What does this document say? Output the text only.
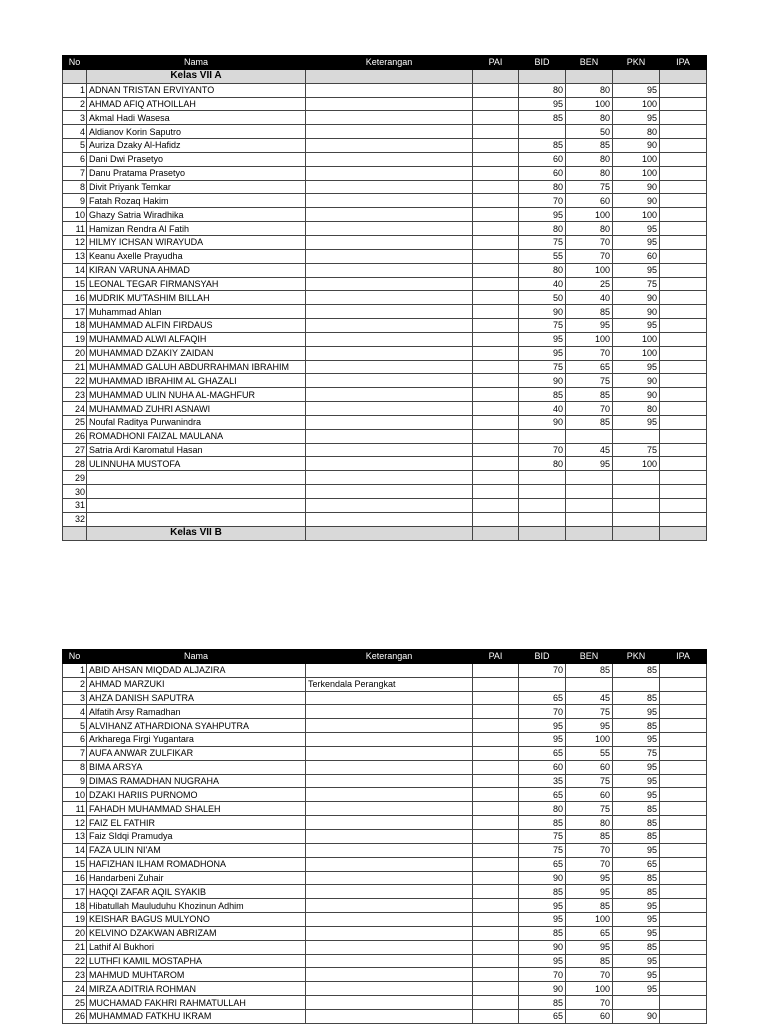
No	Nama	Keterangan	PAI	BID	BEN	PKN	IPA
	Kelas VII A						
1	ADNAN TRISTAN ERVIYANTO			80	80	95	
2	AHMAD AFIQ ATHOILLAH			95	100	100	
3	Akmal Hadi Wasesa			85	80	95	
4	Aldianov Korin Saputro				50	80	
5	Auriza Dzaky Al-Hafidz			85	85	90	
6	Dani Dwi Prasetyo			60	80	100	
7	Danu Pratama Prasetyo			60	80	100	
8	Divit Priyank Temkar			80	75	90	
9	Fatah Rozaq Hakim			70	60	90	
10	Ghazy Satria Wiradhika			95	100	100	
11	Hamizan Rendra Al Fatih			80	80	95	
12	HILMY ICHSAN WIRAYUDA			75	70	95	
13	Keanu Axelle Prayudha			55	70	60	
14	KIRAN VARUNA AHMAD			80	100	95	
15	LEONAL TEGAR FIRMANSYAH			40	25	75	
16	MUDRIK MU'TASHIM BILLAH			50	40	90	
17	Muhammad Ahlan			90	85	90	
18	MUHAMMAD ALFIN FIRDAUS			75	95	95	
19	MUHAMMAD ALWI ALFAQIH			95	100	100	
20	MUHAMMAD DZAKIY ZAIDAN			95	70	100	
21	MUHAMMAD GALUH ABDURRAHMAN IBRAHIM			75	65	95	
22	MUHAMMAD IBRAHIM AL GHAZALI			90	75	90	
23	MUHAMMAD ULIN NUHA AL-MAGHFUR			85	85	90	
24	MUHAMMAD ZUHRI ASNAWI			40	70	80	
25	Noufal Raditya Purwanindra			90	85	95	
26	ROMADHONI FAIZAL MAULANA						
27	Satria Ardi Karomatul Hasan			70	45	75	
28	ULINNUHA MUSTOFA			80	95	100	
29							
30							
31							
32							
	Kelas VII B						
No	Nama	Keterangan	PAI	BID	BEN	PKN	IPA
1	ABID AHSAN MIQDAD ALJAZIRA			70	85	85	
2	AHMAD MARZUKI	Terkendala Perangkat					
3	AHZA DANISH SAPUTRA			65	45	85	
4	Alfatih Arsy Ramadhan			70	75	95	
5	ALVIHANZ ATHARDIONA SYAHPUTRA			95	95	85	
6	Arkharega Firgi Yugantara			95	100	95	
7	AUFA ANWAR ZULFIKAR			65	55	75	
8	BIMA ARSYA			60	60	95	
9	DIMAS RAMADHAN NUGRAHA			35	75	95	
10	DZAKI HARIIS PURNOMO			65	60	95	
11	FAHADH MUHAMMAD SHALEH			80	75	85	
12	FAIZ EL FATHIR			85	80	85	
13	Faiz SIdqi Pramudya			75	85	85	
14	FAZA ULIN NI'AM			75	70	95	
15	HAFIZHAN ILHAM ROMADHONA			65	70	65	
16	Handarbeni Zuhair			90	95	85	
17	HAQQI ZAFAR AQIL SYAKIB			85	95	85	
18	Hibatullah Mauluduhu Khozinun Adhim			95	85	95	
19	KEISHAR BAGUS MULYONO			95	100	95	
20	KELVINO DZAKWAN ABRIZAM			85	65	95	
21	Lathif Al Bukhori			90	95	85	
22	LUTHFI KAMIL MOSTAPHA			95	85	95	
23	MAHMUD MUHTAROM			70	70	95	
24	MIRZA ADITRIA ROHMAN			90	100	95	
25	MUCHAMAD FAKHRI RAHMATULLAH			85	70		
26	MUHAMMAD FATKHU IKRAM			65	60	90	
